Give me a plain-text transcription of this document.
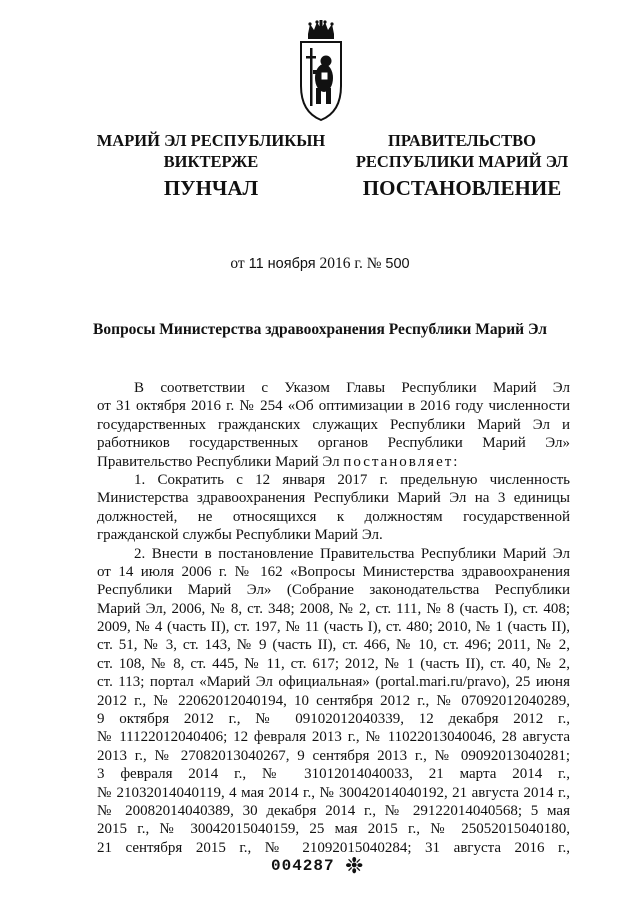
МАРИЙ ЭЛ РЕСПУБЛИКЫН
ВИКТЕРЖЕ
ПРАВИТЕЛЬСТВО
РЕСПУБЛИКИ МАРИЙ ЭЛ
ПУНЧАЛ	ПОСТАНОВЛЕНИЕ
от 11 ноября 2016 г. № 500
Вопросы Министерства здравоохранения Республики Марий Эл
В соответствии с Указом Главы Республики Марий Эл
от 31 октября 2016 г. № 254 «Об оптимизации в 2016 году численности
государственных гражданских служащих Республики Марий Эл и
работников государственных органов Республики Марий Эл»
Правительство Республики Марий Эл постановляет:
1. Сократить с 12 января 2017 г. предельную численность
Министерства здравоохранения Республики Марий Эл на 3 единицы
должностей, не относящихся к должностям государственной
гражданской службы Республики Марий Эл.
2. Внести в постановление Правительства Республики Марий Эл
от 14 июля 2006 г. № 162 «Вопросы Министерства здравоохранения
Республики Марий Эл» (Собрание законодательства Республики
Марий Эл, 2006, № 8, ст. 348; 2008, № 2, ст. 111, № 8 (часть I), ст. 408;
2009, № 4 (часть II), ст. 197, № 11 (часть I), ст. 480; 2010, № 1 (часть II),
ст. 51, № 3, ст. 143, № 9 (часть II), ст. 466, № 10, ст. 496; 2011, № 2,
ст. 108, № 8, ст. 445, № 11, ст. 617; 2012, № 1 (часть II), ст. 40, № 2,
ст. 113; портал «Марий Эл официальная» (portal.mari.ru/pravo), 25 июня
2012 г., № 22062012040194, 10 сентября 2012 г., № 07092012040289,
9 октября 2012 г., № 09102012040339, 12 декабря 2012 г.,
№ 11122012040406; 12 февраля 2013 г., № 11022013040046, 28 августа
2013 г., № 27082013040267, 9 сентября 2013 г., № 09092013040281;
3 февраля 2014 г., № 31012014040033, 21 марта 2014 г.,
№ 21032014040119, 4 мая 2014 г., № 30042014040192, 21 августа 2014 г.,
№ 20082014040389, 30 декабря 2014 г., № 29122014040568; 5 мая
2015 г., № 30042015040159, 25 мая 2015 г., № 25052015040180,
21 сентября 2015 г., № 21092015040284; 31 августа 2016 г.,
004287 ❉
